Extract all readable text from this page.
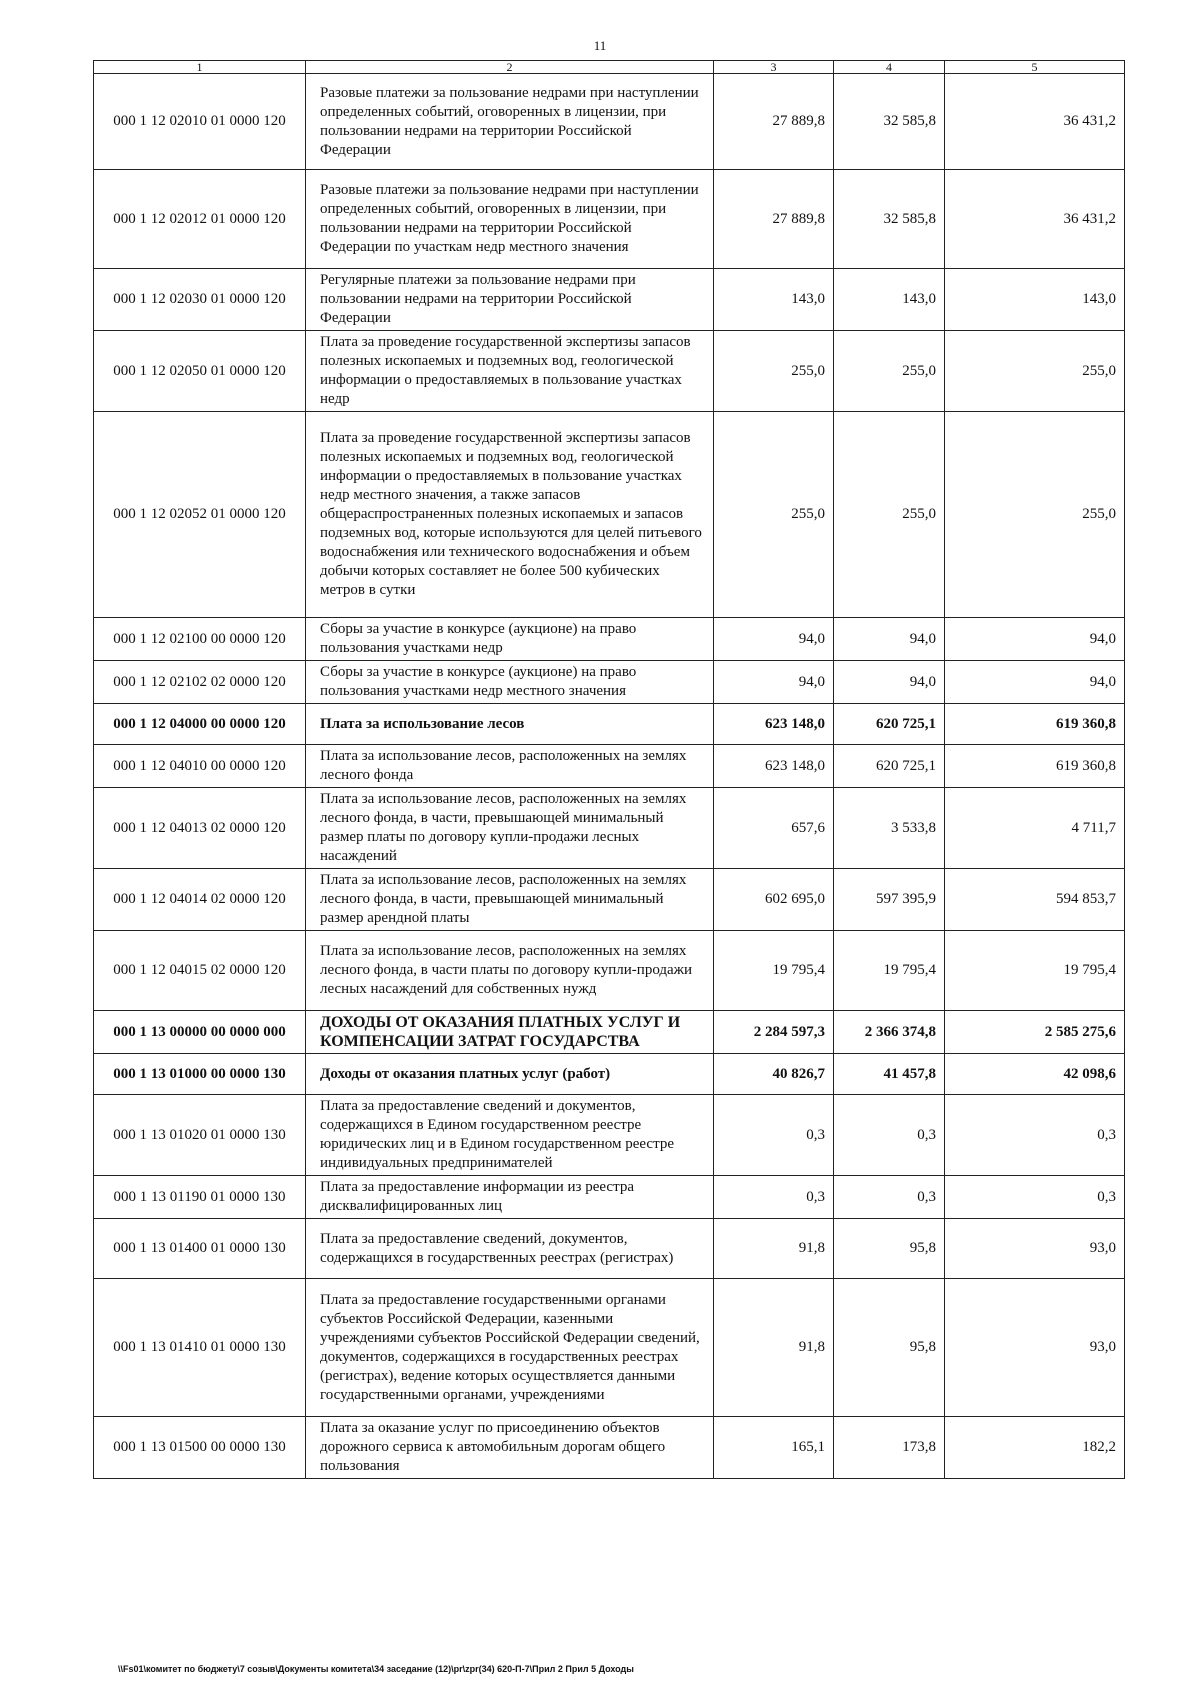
11
1	2	3	4	5
000 1 12 02010 01 0000 120	Разовые платежи за пользование недрами при наступлении определенных событий, оговоренных в лицензии, при пользовании недрами на территории Российской Федерации	27 889,8	32 585,8	36 431,2
000 1 12 02012 01 0000 120	Разовые платежи за пользование недрами при наступлении определенных событий, оговоренных в лицензии, при пользовании недрами на территории Российской Федерации по участкам недр местного значения	27 889,8	32 585,8	36 431,2
000 1 12 02030 01 0000 120	Регулярные платежи за пользование недрами при пользовании недрами на территории Российской Федерации	143,0	143,0	143,0
000 1 12 02050 01 0000 120	Плата за проведение государственной экспертизы запасов полезных ископаемых и подземных вод, геологической информации о предоставляемых в пользование участках недр	255,0	255,0	255,0
000 1 12 02052 01 0000 120	Плата за проведение государственной экспертизы запасов полезных ископаемых и подземных вод, геологической информации о предоставляемых в пользование участках недр местного значения, а также запасов общераспространенных полезных ископаемых и запасов подземных вод, которые используются для целей питьевого водоснабжения или технического водоснабжения и объем добычи которых составляет не более 500 кубических метров в сутки	255,0	255,0	255,0
000 1 12 02100 00 0000 120	Сборы за участие в конкурсе (аукционе) на право пользования участками недр	94,0	94,0	94,0
000 1 12 02102 02 0000 120	Сборы за участие в конкурсе (аукционе) на право пользования участками недр местного значения	94,0	94,0	94,0
000 1 12 04000 00 0000 120	Плата за использование лесов	623 148,0	620 725,1	619 360,8
000 1 12 04010 00 0000 120	Плата за использование лесов, расположенных на землях лесного фонда	623 148,0	620 725,1	619 360,8
000 1 12 04013 02 0000 120	Плата за использование лесов, расположенных на землях лесного фонда, в части, превышающей минимальный размер платы по договору купли-продажи лесных насаждений	657,6	3 533,8	4 711,7
000 1 12 04014 02 0000 120	Плата за использование лесов, расположенных на землях лесного фонда, в части, превышающей минимальный размер арендной платы	602 695,0	597 395,9	594 853,7
000 1 12 04015 02 0000 120	Плата за использование лесов, расположенных на землях лесного фонда, в части платы по договору купли-продажи лесных насаждений для собственных нужд	19 795,4	19 795,4	19 795,4
000 1 13 00000 00 0000 000	ДОХОДЫ ОТ ОКАЗАНИЯ ПЛАТНЫХ УСЛУГ И КОМПЕНСАЦИИ ЗАТРАТ ГОСУДАРСТВА	2 284 597,3	2 366 374,8	2 585 275,6
000 1 13 01000 00 0000 130	Доходы от оказания платных услуг (работ)	40 826,7	41 457,8	42 098,6
000 1 13 01020 01 0000 130	Плата за предоставление сведений и документов, содержащихся в Едином государственном реестре юридических лиц и в Едином государственном реестре индивидуальных предпринимателей	0,3	0,3	0,3
000 1 13 01190 01 0000 130	Плата за предоставление информации из реестра дисквалифицированных лиц	0,3	0,3	0,3
000 1 13 01400 01 0000 130	Плата за предоставление сведений, документов, содержащихся в государственных реестрах (регистрах)	91,8	95,8	93,0
000 1 13 01410 01 0000 130	Плата за предоставление государственными органами субъектов Российской Федерации, казенными учреждениями субъектов Российской Федерации сведений, документов, содержащихся в государственных реестрах (регистрах), ведение которых осуществляется данными государственными органами, учреждениями	91,8	95,8	93,0
000 1 13 01500 00 0000 130	Плата за оказание услуг по присоединению объектов дорожного сервиса к автомобильным дорогам общего пользования	165,1	173,8	182,2
\\Fs01\комитет по бюджету\7 созыв\Документы комитета\34 заседание (12)\pr\zpr(34) 620-П-7\Прил 2 Прил 5 Доходы
